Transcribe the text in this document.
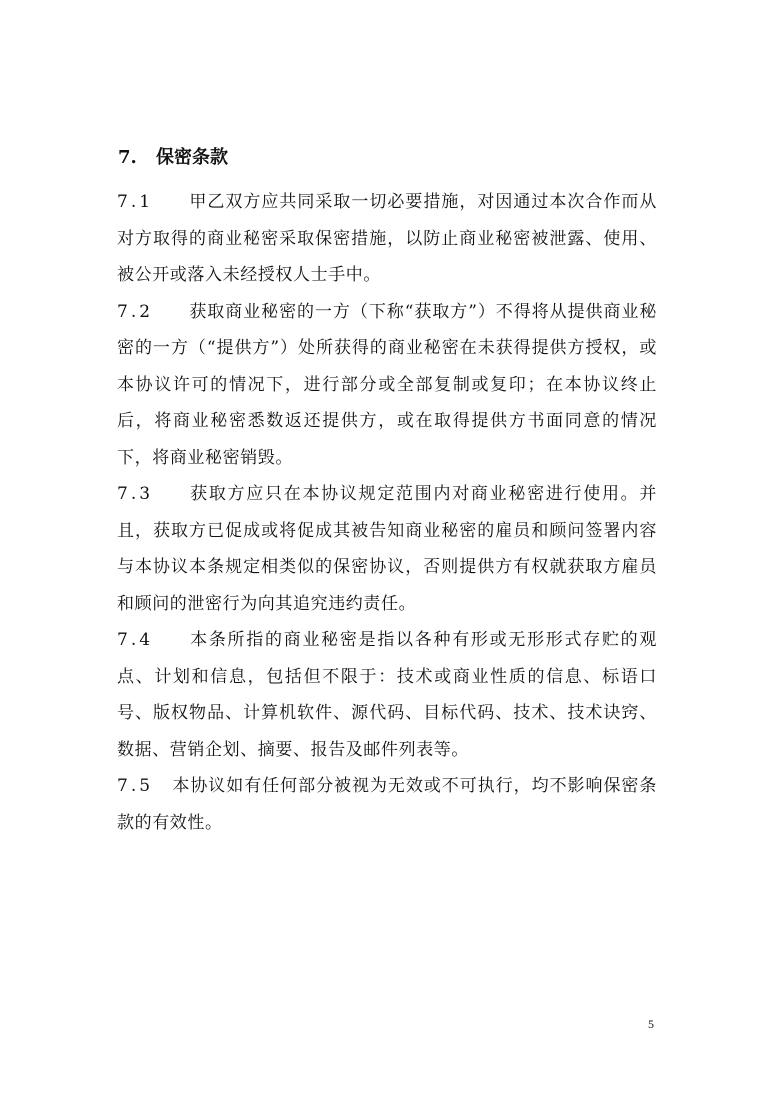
7. 保密条款

7.1 甲乙双方应共同采取一切必要措施，对因通过本次合作而从对方取得的商业秘密采取保密措施，以防止商业秘密被泄露、使用、被公开或落入未经授权人士手中。

7.2 获取商业秘密的一方（下称“获取方”）不得将从提供商业秘密的一方（“提供方”）处所获得的商业秘密在未获得提供方授权，或本协议许可的情况下，进行部分或全部复制或复印；在本协议终止后，将商业秘密悉数返还提供方，或在取得提供方书面同意的情况下，将商业秘密销毁。

7.3 获取方应只在本协议规定范围内对商业秘密进行使用。并且，获取方已促成或将促成其被告知商业秘密的雇员和顾问签署内容与本协议本条规定相类似的保密协议，否则提供方有权就获取方雇员和顾问的泄密行为向其追究违约责任。

7.4 本条所指的商业秘密是指以各种有形或无形形式存贮的观点、计划和信息，包括但不限于：技术或商业性质的信息、标语口号、版权物品、计算机软件、源代码、目标代码、技术、技术诀窍、数据、营销企划、摘要、报告及邮件列表等。

7.5 本协议如有任何部分被视为无效或不可执行，均不影响保密条款的有效性。

5
